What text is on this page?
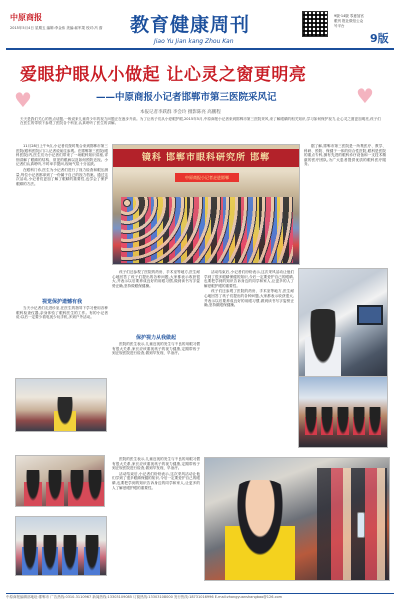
中原商报
2015年5月4日 星期五 编辑:李金伟 美编:郝军果 校对:冯 蔚	教育健康周刊
Jiao Yu Jian kang Zhou Kan
9版·14版 零意加官 眼刊 报社微信公众号平台
9版
爱眼护眼从小做起 让心灵之窗更明亮
♥	♥
——中原商报小记者邯郸市第三医院采风记
本报记者李跃群 李会玲 摄影陈亮 高鹏程
天天是我们关心的热点话题,一般说来儿童青少年的视力问题正在逐步升高。为了让孩子们从小爱眼护眼,2015年5月,中原商报小记者来到邯郸市第三医院采风,来了解眼睛的相关知识,学习如何保护视力,让心灵之窗更加明亮,孩子们在医生的带领下参观了医院各个科室,认真聆听了医生的讲解。

11月28日上午9点,小记者们按时集合来到邯郸市第三医院(眼科医院)门口,记者说前往参观。在邯郸第三医院(眼科医院)内,医生们为小记者们带来了一场眼科知识讲座,详细讲解了眼睛的结构、常见的眼病以及如何预防近视。小记者们认真聆听,不时举手提问,现场气氛十分活跃。

在眼科门诊,医生为小记者们进行了视力检查和眼压测量,每位小记者都拿到了一份属于自己的视力档案。通过这次活动,小记者们更加了解了眼睛的重要性,也学会了保护眼睛的方法。

视觉保护遗憾有我

当天小记者们走进诊室,在医生的指导下学习使用各种眼科检查仪器,亲身体验了眼科医生的工作。有的小记者说:以后一定要少看电视少玩手机,多到户外活动。

镜科 邯郸市眼科研究所 邯郸
中原商报小记者走进邯郸

据了解,邯郸市第三医院是一所集医疗、教学、科研、预防、保健于一体的综合性医院,眼科是医院的重点专科,拥有先进的眼科诊疗设备和一支技术精湛的医疗团队,为广大患者提供优质的眼科医疗服务。

孩子们还参观了医院的药房、手术室等地方,医生耐心地回答了孩子们提出的各种问题,大家都表示收获很大,并表示以后要养成良好的用眼习惯,做到读书写字姿势正确,坚持做眼保健操。

保护视力从我做起

医院的医生表示,儿童近视的发生与不良的用眼习惯有很大关系,家长应该重视孩子的视力健康,定期带孩子到正规医院进行检查,做到早发现、早治疗。

活动结束后,小记者们纷纷表示,这次采风活动让他们学到了很多眼睛保健的知识,今后一定要爱护自己的眼睛,也要把学到的知识告诉身边的同学和家人,让更多的人了解爱眼护眼的重要性。

孩子们还参观了医院的药房、手术室等地方,医生耐心地回答了孩子们提出的各种问题,大家都表示收获很大,并表示以后要养成良好的用眼习惯,做到读书写字姿势正确,坚持做眼保健操。

医院的医生表示,儿童近视的发生与不良的用眼习惯有很大关系,家长应该重视孩子的视力健康,定期带孩子到正规医院进行检查,做到早发现、早治疗。

活动结束后,小记者们纷纷表示,这次采风活动让他们学到了很多眼睛保健的知识,今后一定要爱护自己的眼睛,也要把学到的知识告诉身边的同学和家人,让更多的人了解爱眼护眼的重要性。

中原商报编辑部地址:邯郸市 广告热线:0310-3110967 新闻热线:13303109085 订阅热线:13303108000 发行热线:18731016996 E-mail:zhongyuanshangbao@126.com
